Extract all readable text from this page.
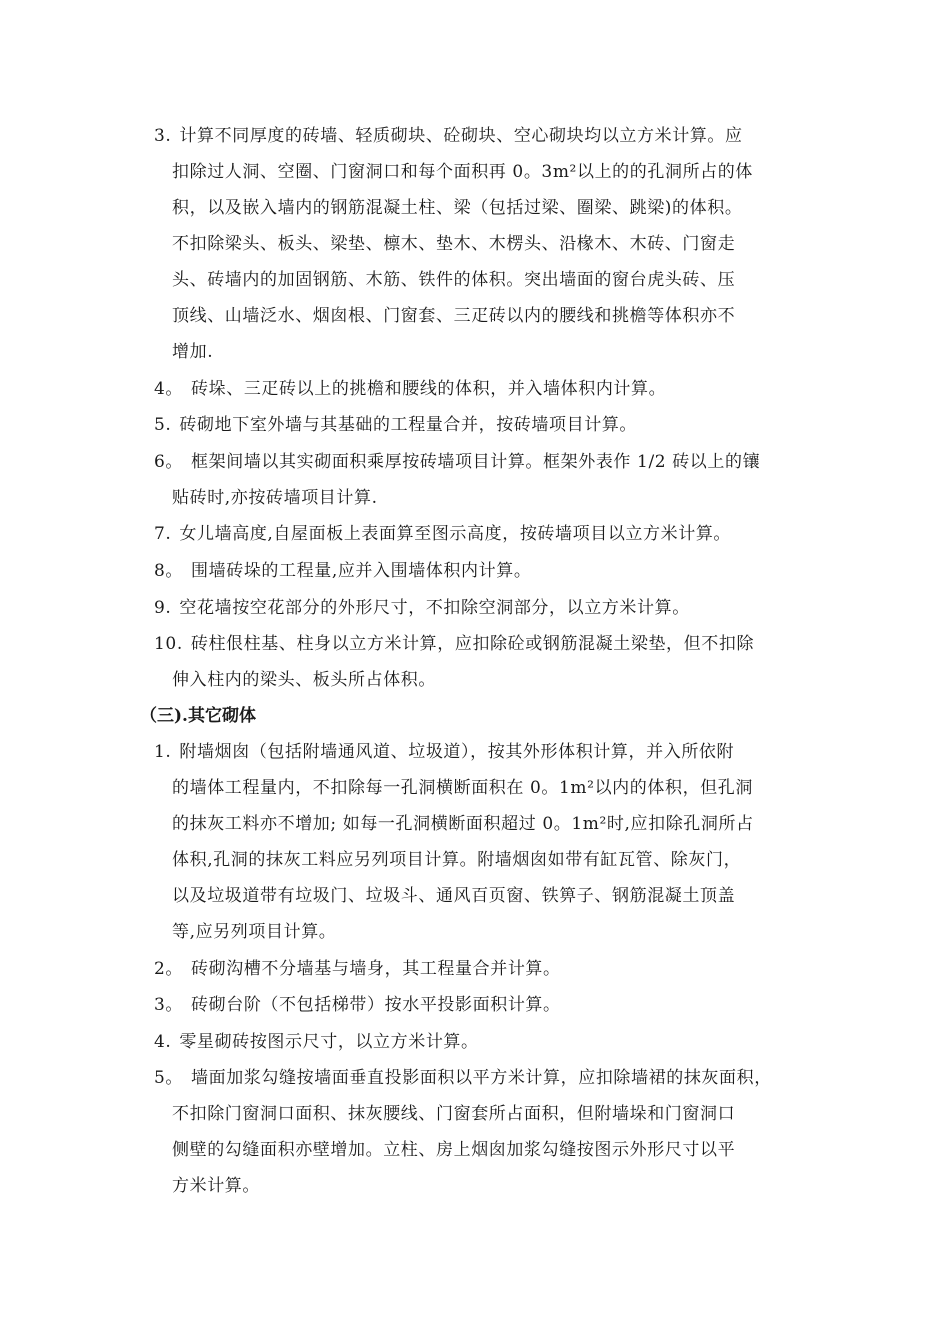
3. 计算不同厚度的砖墙、轻质砌块、砼砌块、空心砌块均以立方米计算。应
扣除过人洞、空圈、门窗洞口和每个面积再 0。3m²以上的的孔洞所占的体
积，以及嵌入墙内的钢筋混凝土柱、梁（包括过梁、圈梁、跳梁)的体积。
不扣除梁头、板头、梁垫、檩木、垫木、木楞头、沿椽木、木砖、门窗走
头、砖墙内的加固钢筋、木筋、铁件的体积。突出墙面的窗台虎头砖、压
顶线、山墙泛水、烟囱根、门窗套、三疋砖以内的腰线和挑檐等体积亦不
增加.
4。 砖垛、三疋砖以上的挑檐和腰线的体积，并入墙体积内计算。
5. 砖砌地下室外墙与其基础的工程量合并，按砖墙项目计算。
6。 框架间墙以其实砌面积乘厚按砖墙项目计算。框架外表作 1/2 砖以上的镶
贴砖时,亦按砖墙项目计算.
7. 女儿墙高度,自屋面板上表面算至图示高度，按砖墙项目以立方米计算。
8。 围墙砖垛的工程量,应并入围墙体积内计算。
9. 空花墙按空花部分的外形尺寸，不扣除空洞部分，以立方米计算。
10. 砖柱佷柱基、柱身以立方米计算，应扣除砼或钢筋混凝土梁垫，但不扣除
伸入柱内的梁头、板头所占体积。
（三).其它砌体
1. 附墙烟囱（包括附墙通风道、垃圾道），按其外形体积计算，并入所依附
的墙体工程量内，不扣除每一孔洞横断面积在 0。1m²以内的体积，但孔洞
的抹灰工料亦不增加; 如每一孔洞横断面积超过 0。1m²时,应扣除孔洞所占
体积,孔洞的抹灰工料应另列项目计算。附墙烟囱如带有缸瓦管、除灰门，
以及垃圾道带有垃圾门、垃圾斗、通风百页窗、铁箅子、钢筋混凝土顶盖
等,应另列项目计算。
2。 砖砌沟槽不分墙基与墙身，其工程量合并计算。
3。 砖砌台阶（不包括梯带）按水平投影面积计算。
4. 零星砌砖按图示尺寸，以立方米计算。
5。 墙面加浆勾缝按墙面垂直投影面积以平方米计算，应扣除墙裙的抹灰面积，
不扣除门窗洞口面积、抹灰腰线、门窗套所占面积，但附墙垛和门窗洞口
侧壁的勾缝面积亦壁增加。立柱、房上烟囱加浆勾缝按图示外形尺寸以平
方米计算。
